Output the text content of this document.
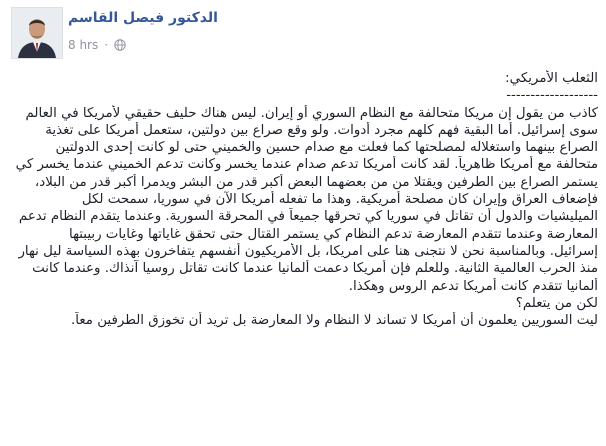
الدكتور فيصل القاسم
8 hrs ·
الثعلب الأمريكي:
-------------------
كاذب من يقول إن مريكا متحالفة مع النظام السوري أو إيران. ليس هناك حليف حقيقي لأمريكا في العالم
سوى إسرائيل. أما البقية فهم كلهم مجرد أدوات. ولو وقع صراع بين دولتين، ستعمل أمريكا على تغذية
الصراع بينهما واستغلاله لمصلحتها كما فعلت مع صدام حسين والخميني حتى لو كانت إحدى الدولتين
متحالفة مع أمريكا ظاهرياً. لقد كانت أمريكا تدعم صدام عندما يخسر وكانت تدعم الخميني عندما يخسر كي
يستمر الصراع بين الطرفين ويقتلا من من بعضهما البعض أكبر قدر من البشر ويدمرا أكبر قدر من البلاد،
فإضعاف العراق وإيران كان مصلحة أمريكية. وهذا ما تفعله أمريكا الآن في سوريا، سمحت لكل
الميليشيات والدول أن تقاتل في سوريا كي تحرقها جميعاً في المحرقة السورية. وعندما يتقدم النظام تدعم
المعارضة وعندما تتقدم المعارضة تدعم النظام كي يستمر القتال حتى تحقق غاياتها وغايات ربيبتها
إسرائيل. وبالمناسبة نحن لا نتجنى هنا على امريكا، بل الأمريكيون أنفسهم يتفاخرون بهذه السياسة ليل نهار
منذ الحرب العالمية الثانية. وللعلم فإن أمريكا دعمت ألمانيا عندما كانت تقاتل روسيا آنذاك. وعندما كانت
ألمانيا تتقدم كانت أمريكا تدعم الروس وهكذا.
لكن من يتعلم؟
ليت السوريين يعلمون أن أمريكا لا تساند لا النظام ولا المعارضة بل تريد أن تخوزق الطرفين معاً.
